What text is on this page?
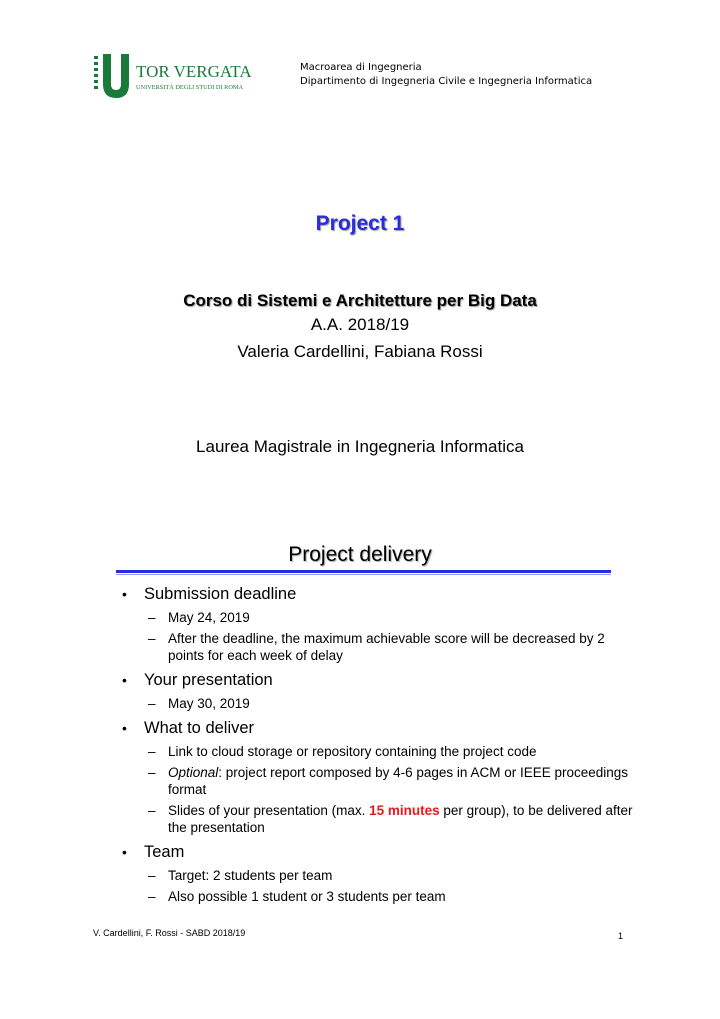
TOR VERGATA
UNIVERSITÀ DEGLI STUDI DI ROMA
Macroarea di Ingegneria
Dipartimento di Ingegneria Civile e Ingegneria Informatica
Project 1
Corso di Sistemi e Architetture per Big Data
A.A. 2018/19
Valeria Cardellini, Fabiana Rossi
Laurea Magistrale in Ingegneria Informatica
Project delivery
• Submission deadline
– May 24, 2019
– After the deadline, the maximum achievable score will be decreased by 2 points for each week of delay
• Your presentation
– May 30, 2019
• What to deliver
– Link to cloud storage or repository containing the project code
– Optional: project report composed by 4-6 pages in ACM or IEEE proceedings format
– Slides of your presentation (max. 15 minutes per group), to be delivered after the presentation
• Team
– Target: 2 students per team
– Also possible 1 student or 3 students per team
V. Cardellini, F. Rossi - SABD 2018/19	1
